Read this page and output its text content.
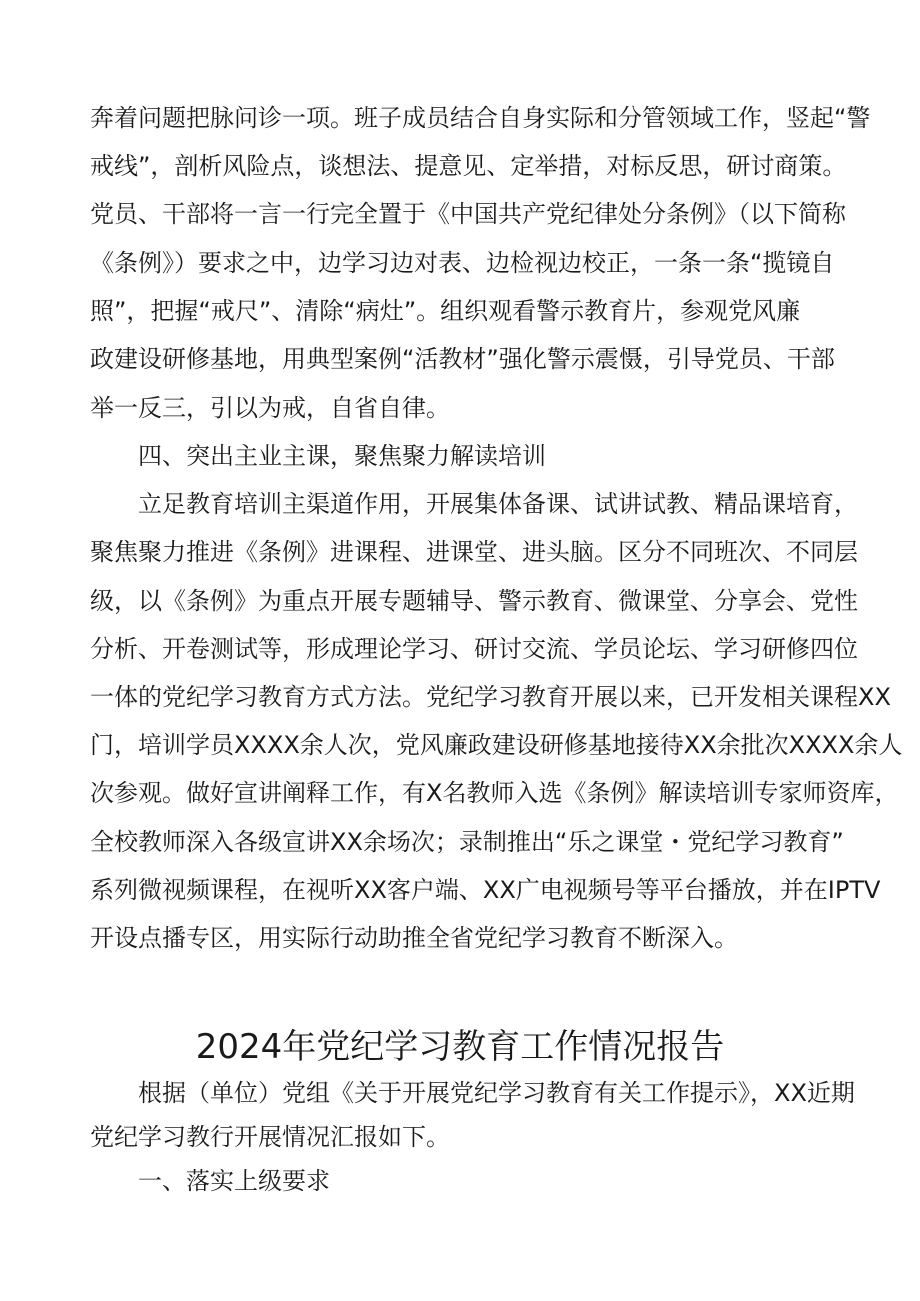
奔着问题把脉问诊一项。班子成员结合自身实际和分管领域工作，竖起“警
戒线”，剖析风险点，谈想法、提意见、定举措，对标反思，研讨商策。
党员、干部将一言一行完全置于《中国共产党纪律处分条例》（以下简称
《条例》）要求之中，边学习边对表、边检视边校正，一条一条“揽镜自
照”，把握“戒尺”、清除“病灶”。组织观看警示教育片，参观党风廉
政建设研修基地，用典型案例“活教材”强化警示震慑，引导党员、干部
举一反三，引以为戒，自省自律。
四、突出主业主课，聚焦聚力解读培训
立足教育培训主渠道作用，开展集体备课、试讲试教、精品课培育，
聚焦聚力推进《条例》进课程、进课堂、进头脑。区分不同班次、不同层
级，以《条例》为重点开展专题辅导、警示教育、微课堂、分享会、党性
分析、开卷测试等，形成理论学习、研讨交流、学员论坛、学习研修四位
一体的党纪学习教育方式方法。党纪学习教育开展以来，已开发相关课程XX
门，培训学员XXXX余人次，党风廉政建设研修基地接待XX余批次XXXX余人
次参观。做好宣讲阐释工作，有X名教师入选《条例》解读培训专家师资库，
全校教师深入各级宣讲XX余场次；录制推出“乐之课堂・党纪学习教育”
系列微视频课程，在视听XX客户端、XX广电视频号等平台播放，并在IPTV
开设点播专区，用实际行动助推全省党纪学习教育不断深入。
2024年党纪学习教育工作情况报告
根据（单位）党组《关于开展党纪学习教育有关工作提示》，XX近期
党纪学习教行开展情况汇报如下。
一、落实上级要求
